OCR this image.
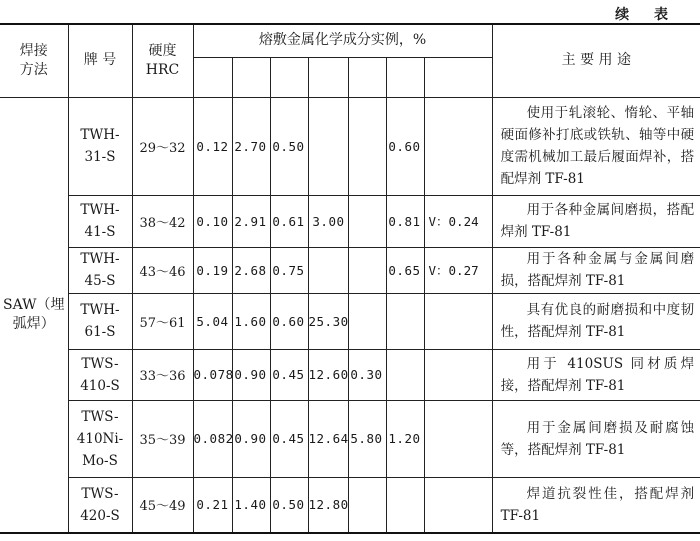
续 表
焊接方法	牌 号	硬度HRC	熔敷金属化学成分实例，%							主 要 用 途

SAW（埋弧焊）	TWH-31-S	29～32	0.12	2.70	0.50			0.60		使用于轧滚轮、惰轮、平轴硬面修补打底或铁轨、轴等中硬度需机械加工最后履面焊补，搭配焊剂 TF-81

	TWH-41-S	38～42	0.10	2.91	0.61	3.00		0.81	V：0.24	用于各种金属间磨损，搭配焊剂 TF-81

	TWH-45-S	43～46	0.19	2.68	0.75			0.65	V：0.27	用于各种金属与金属间磨损，搭配焊剂 TF-81

	TWH-61-S	57～61	5.04	1.60	0.60	25.30				具有优良的耐磨损和中度韧性，搭配焊剂 TF-81

	TWS-410-S	33～36	0.078	0.90	0.45	12.60	0.30			用于 410SUS 同材质焊接，搭配焊剂 TF-81

	TWS-410Ni-Mo-S	35～39	0.082	0.90	0.45	12.64	5.80	1.20		用于金属间磨损及耐腐蚀等，搭配焊剂 TF-81

	TWS-420-S	45～49	0.21	1.40	0.50	12.80				焊道抗裂性佳，搭配焊剂 TF-81
